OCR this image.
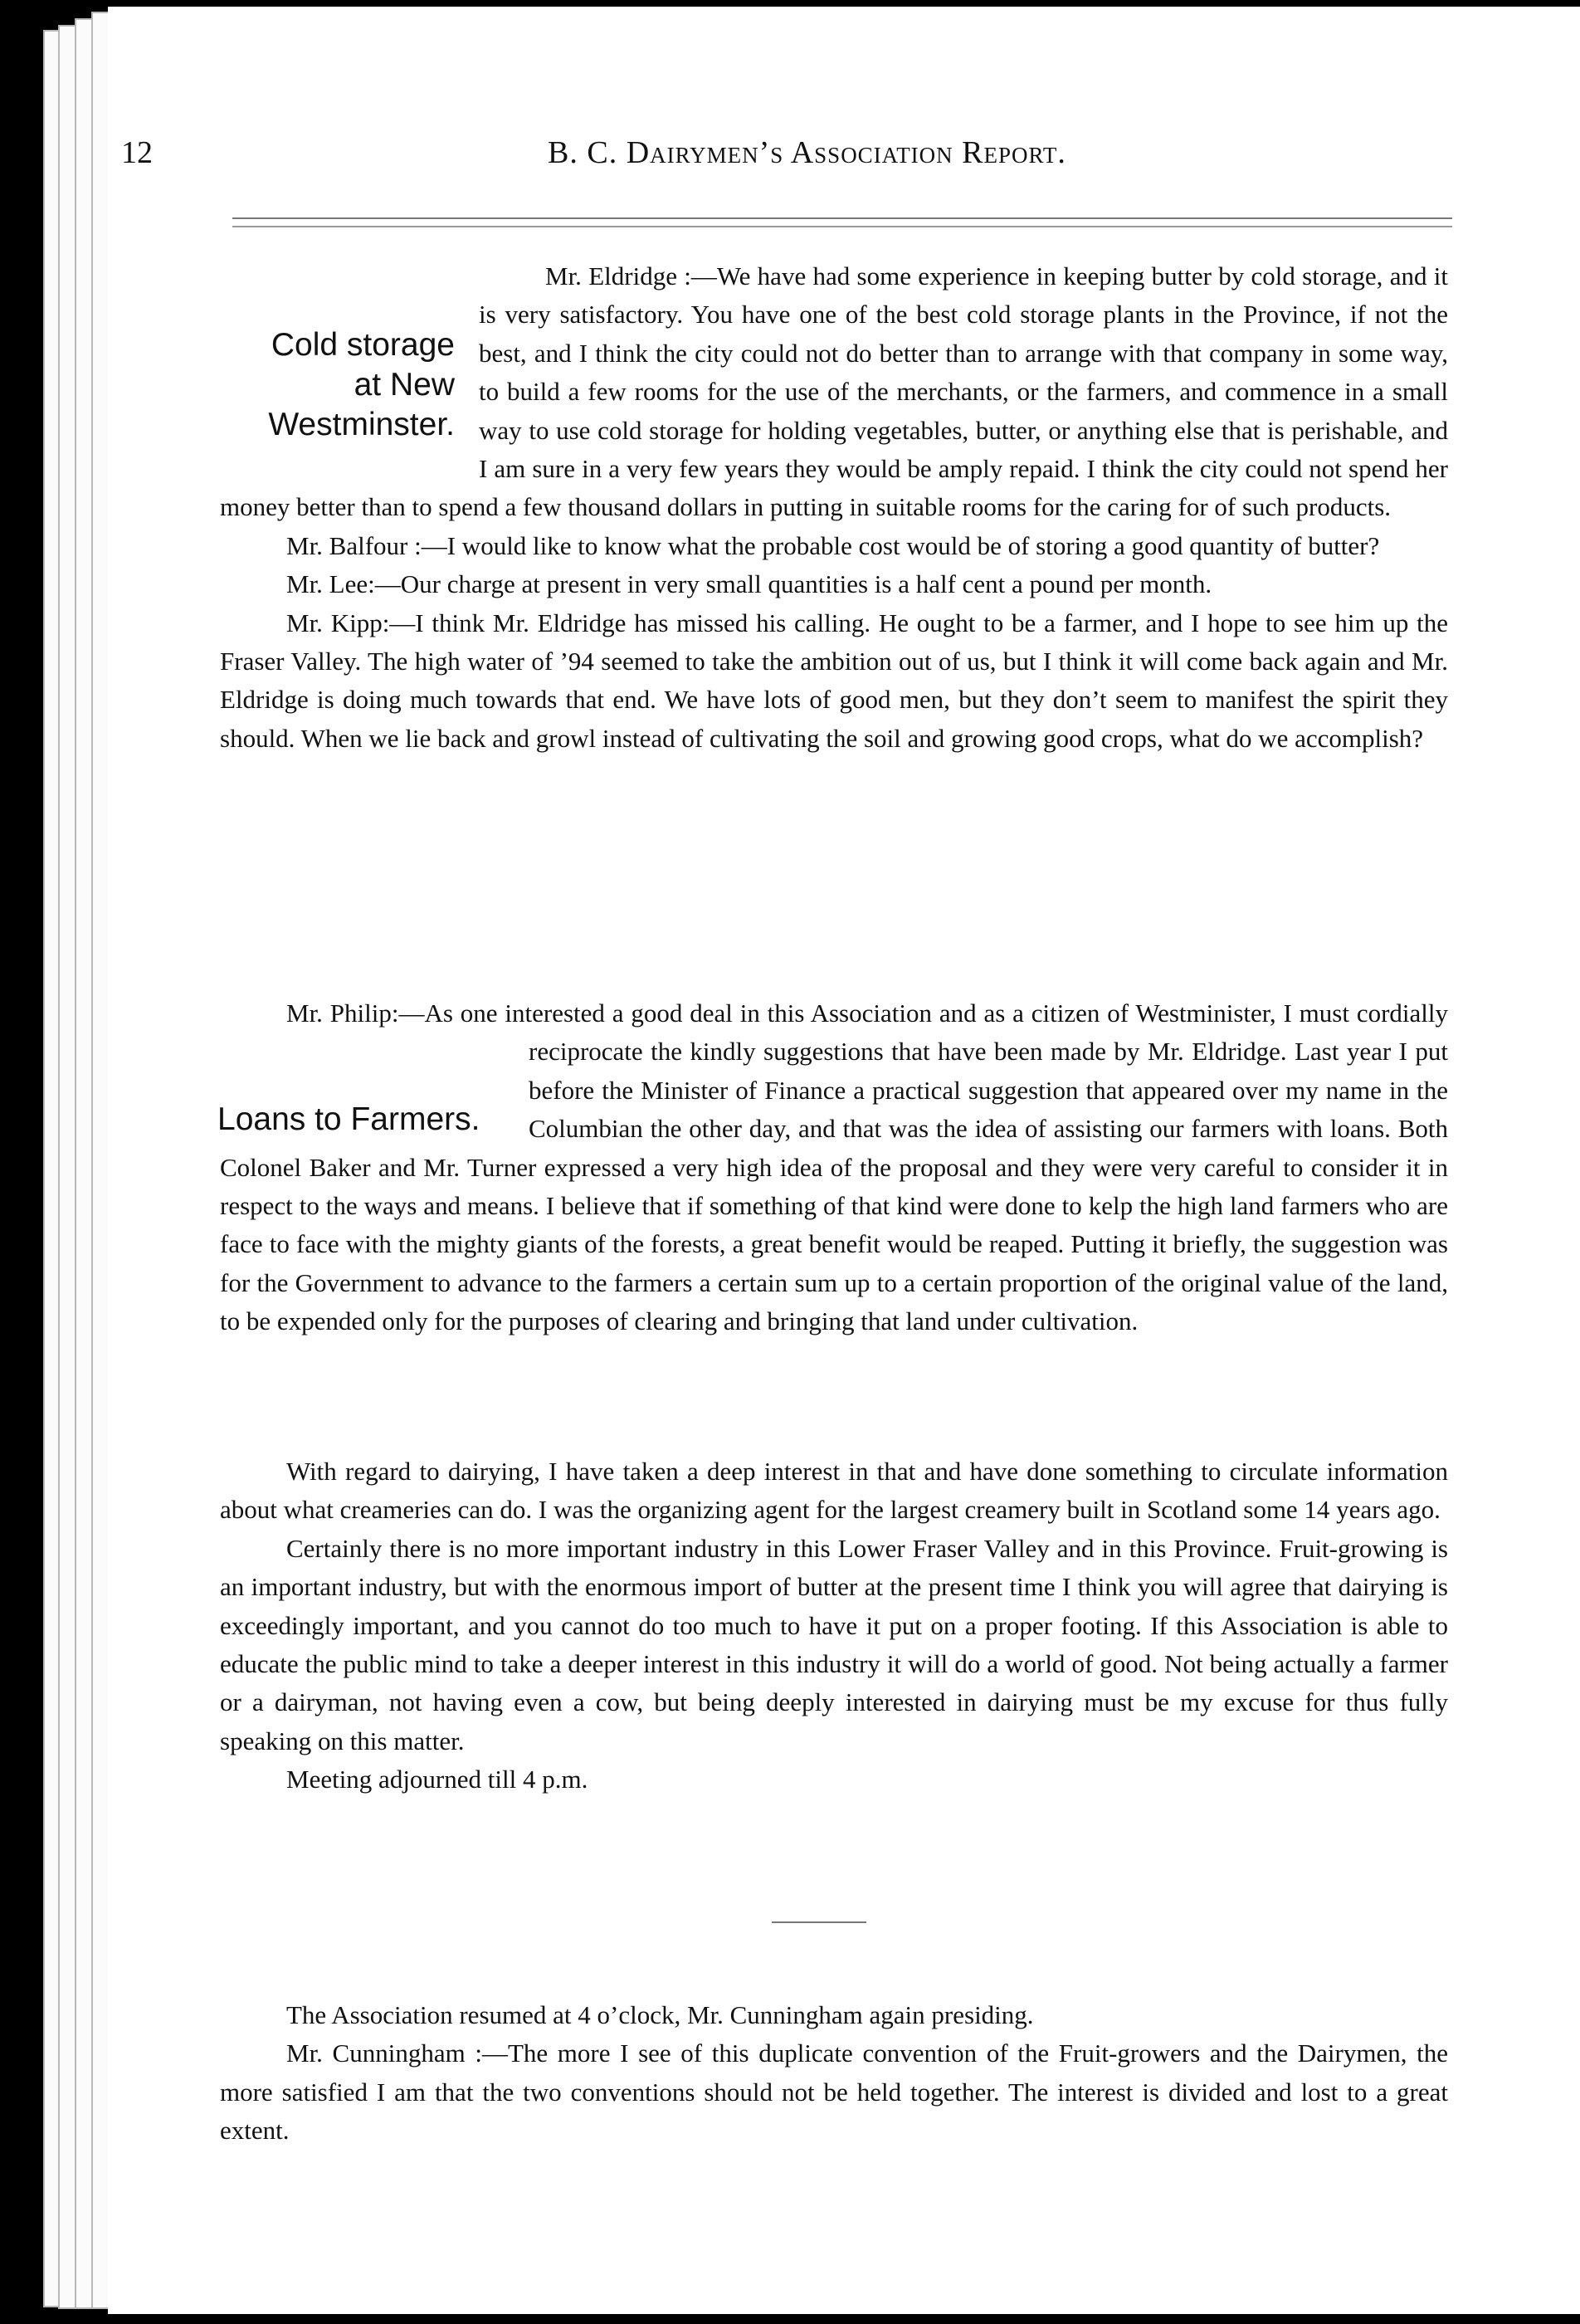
12	B. C. Dairymen’s Association Report.
Cold storage at New Westminster.
Loans to Farmers.

Mr. Eldridge :—We have had some experience in keeping butter by cold storage, and it is very satisfactory. You have one of the best cold storage plants in the Province, if not the best, and I think the city could not do better than to arrange with that company in some way, to build a few rooms for the use of the merchants, or the farmers, and commence in a small way to use cold storage for holding vegetables, butter, or anything else that is perishable, and I am sure in a very few years they would be amply repaid. I think the city could not spend her money better than to spend a few thousand dollars in putting in suitable rooms for the caring for of such products.

Mr. Balfour :—I would like to know what the probable cost would be of storing a good quantity of butter?

Mr. Lee:—Our charge at present in very small quantities is a half cent a pound per month.

Mr. Kipp:—I think Mr. Eldridge has missed his calling. He ought to be a farmer, and I hope to see him up the Fraser Valley. The high water of ’94 seemed to take the ambition out of us, but I think it will come back again and Mr. Eldridge is doing much towards that end. We have lots of good men, but they don’t seem to manifest the spirit they should. When we lie back and growl instead of cultivating the soil and growing good crops, what do we accomplish?

Mr. Philip:—As one interested a good deal in this Association and as a citizen of Westminister, I must cordially reciprocate the kindly suggestions that have been made by Mr.
Eldridge. Last year I put before the Minister of Finance a practical suggestion that appeared over my name in the Columbian the other day, and that was the idea of assisting our farmers with loans. Both Colonel Baker and Mr. Turner expressed a very high idea of the proposal and they were very careful to consider it in respect to the ways and means. I believe that if something of that kind were done to kelp the high land farmers who are face to face with the mighty giants of the forests, a great benefit would be reaped. Putting it briefly, the suggestion was for the Government to advance to the farmers a certain sum up to a certain proportion of the original value of the land, to be expended only for the purposes of clearing and bringing that land under cultivation.

With regard to dairying, I have taken a deep interest in that and have done something to circulate information about what creameries can do. I was the organizing agent for the largest creamery built in Scotland some 14 years ago.

Certainly there is no more important industry in this Lower Fraser Valley and in this Province. Fruit-growing is an important industry, but with the enormous import of butter at the present time I think you will agree that dairying is exceedingly important, and you cannot do too much to have it put on a proper footing. If this Association is able to educate the public mind to take a deeper interest in this industry it will do a world of good. Not being actually a farmer or a dairyman, not having even a cow, but being deeply interested in dairying must be my excuse for thus fully speaking on this matter.

Meeting adjourned till 4 p.m.

The Association resumed at 4 o’clock, Mr. Cunningham again presiding.

Mr. Cunningham :—The more I see of this duplicate convention of the Fruit-growers and the Dairymen, the more satisfied I am that the two conventions should not be held together. The interest is divided and lost to a great extent.
